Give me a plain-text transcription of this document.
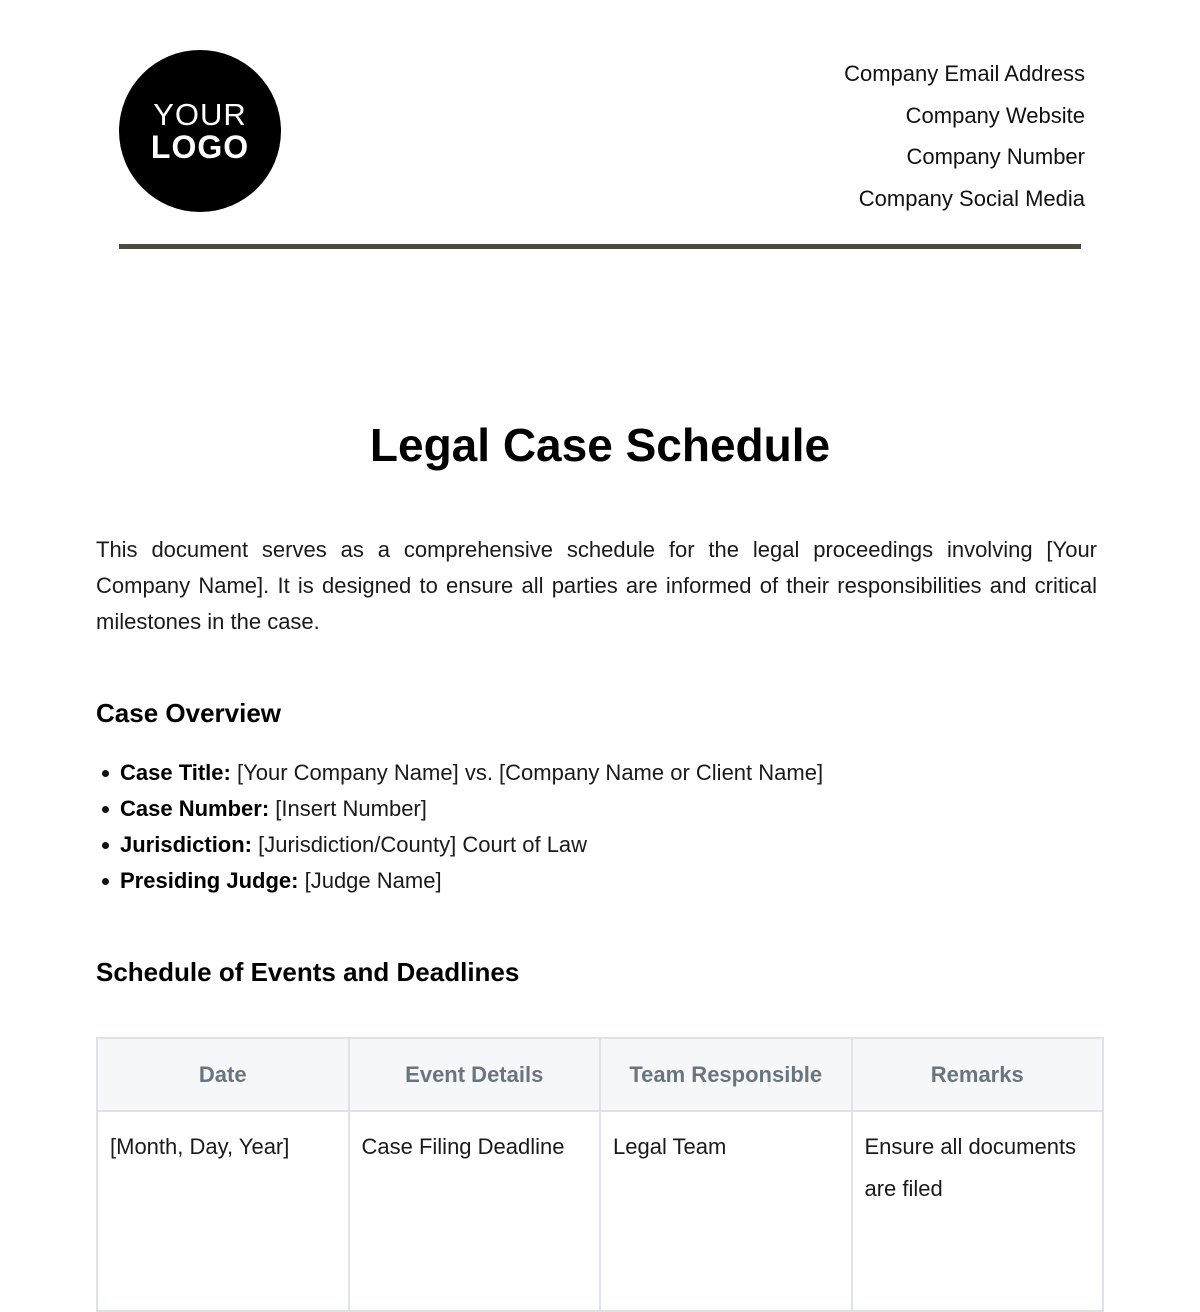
YOUR
LOGO
Company Email Address
Company Website
Company Number
Company Social Media
Legal Case Schedule

This document serves as a comprehensive schedule for the legal proceedings involving [Your Company Name]. It is designed to ensure all parties are informed of their responsibilities and critical milestones in the case.

Case Overview
Case Title: [Your Company Name] vs. [Company Name or Client Name]
Case Number: [Insert Number]
Jurisdiction: [Jurisdiction/County] Court of Law
Presiding Judge: [Judge Name]
Schedule of Events and Deadlines
Date	Event Details	Team Responsible	Remarks
[Month, Day, Year]	Case Filing Deadline	Legal Team	Ensure all documents are filed
